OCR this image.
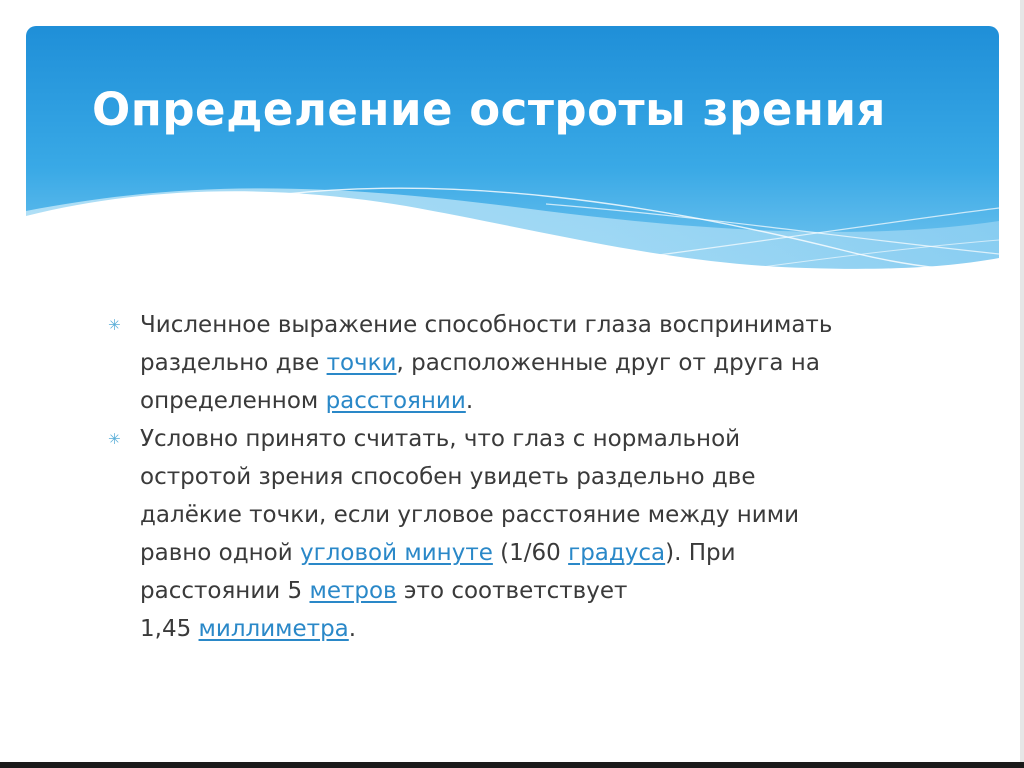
Определение остроты зрения
✳ Численное выражение способности глаза воспринимать
раздельно две точки, расположенные друг от друга на
определенном расстоянии.
✳ Условно принято считать, что глаз с нормальной
остротой зрения способен увидеть раздельно две
далёкие точки, если угловое расстояние между ними
равно одной угловой минуте (1/60 градуса). При
расстоянии 5 метров это соответствует
1,45 миллиметра.
